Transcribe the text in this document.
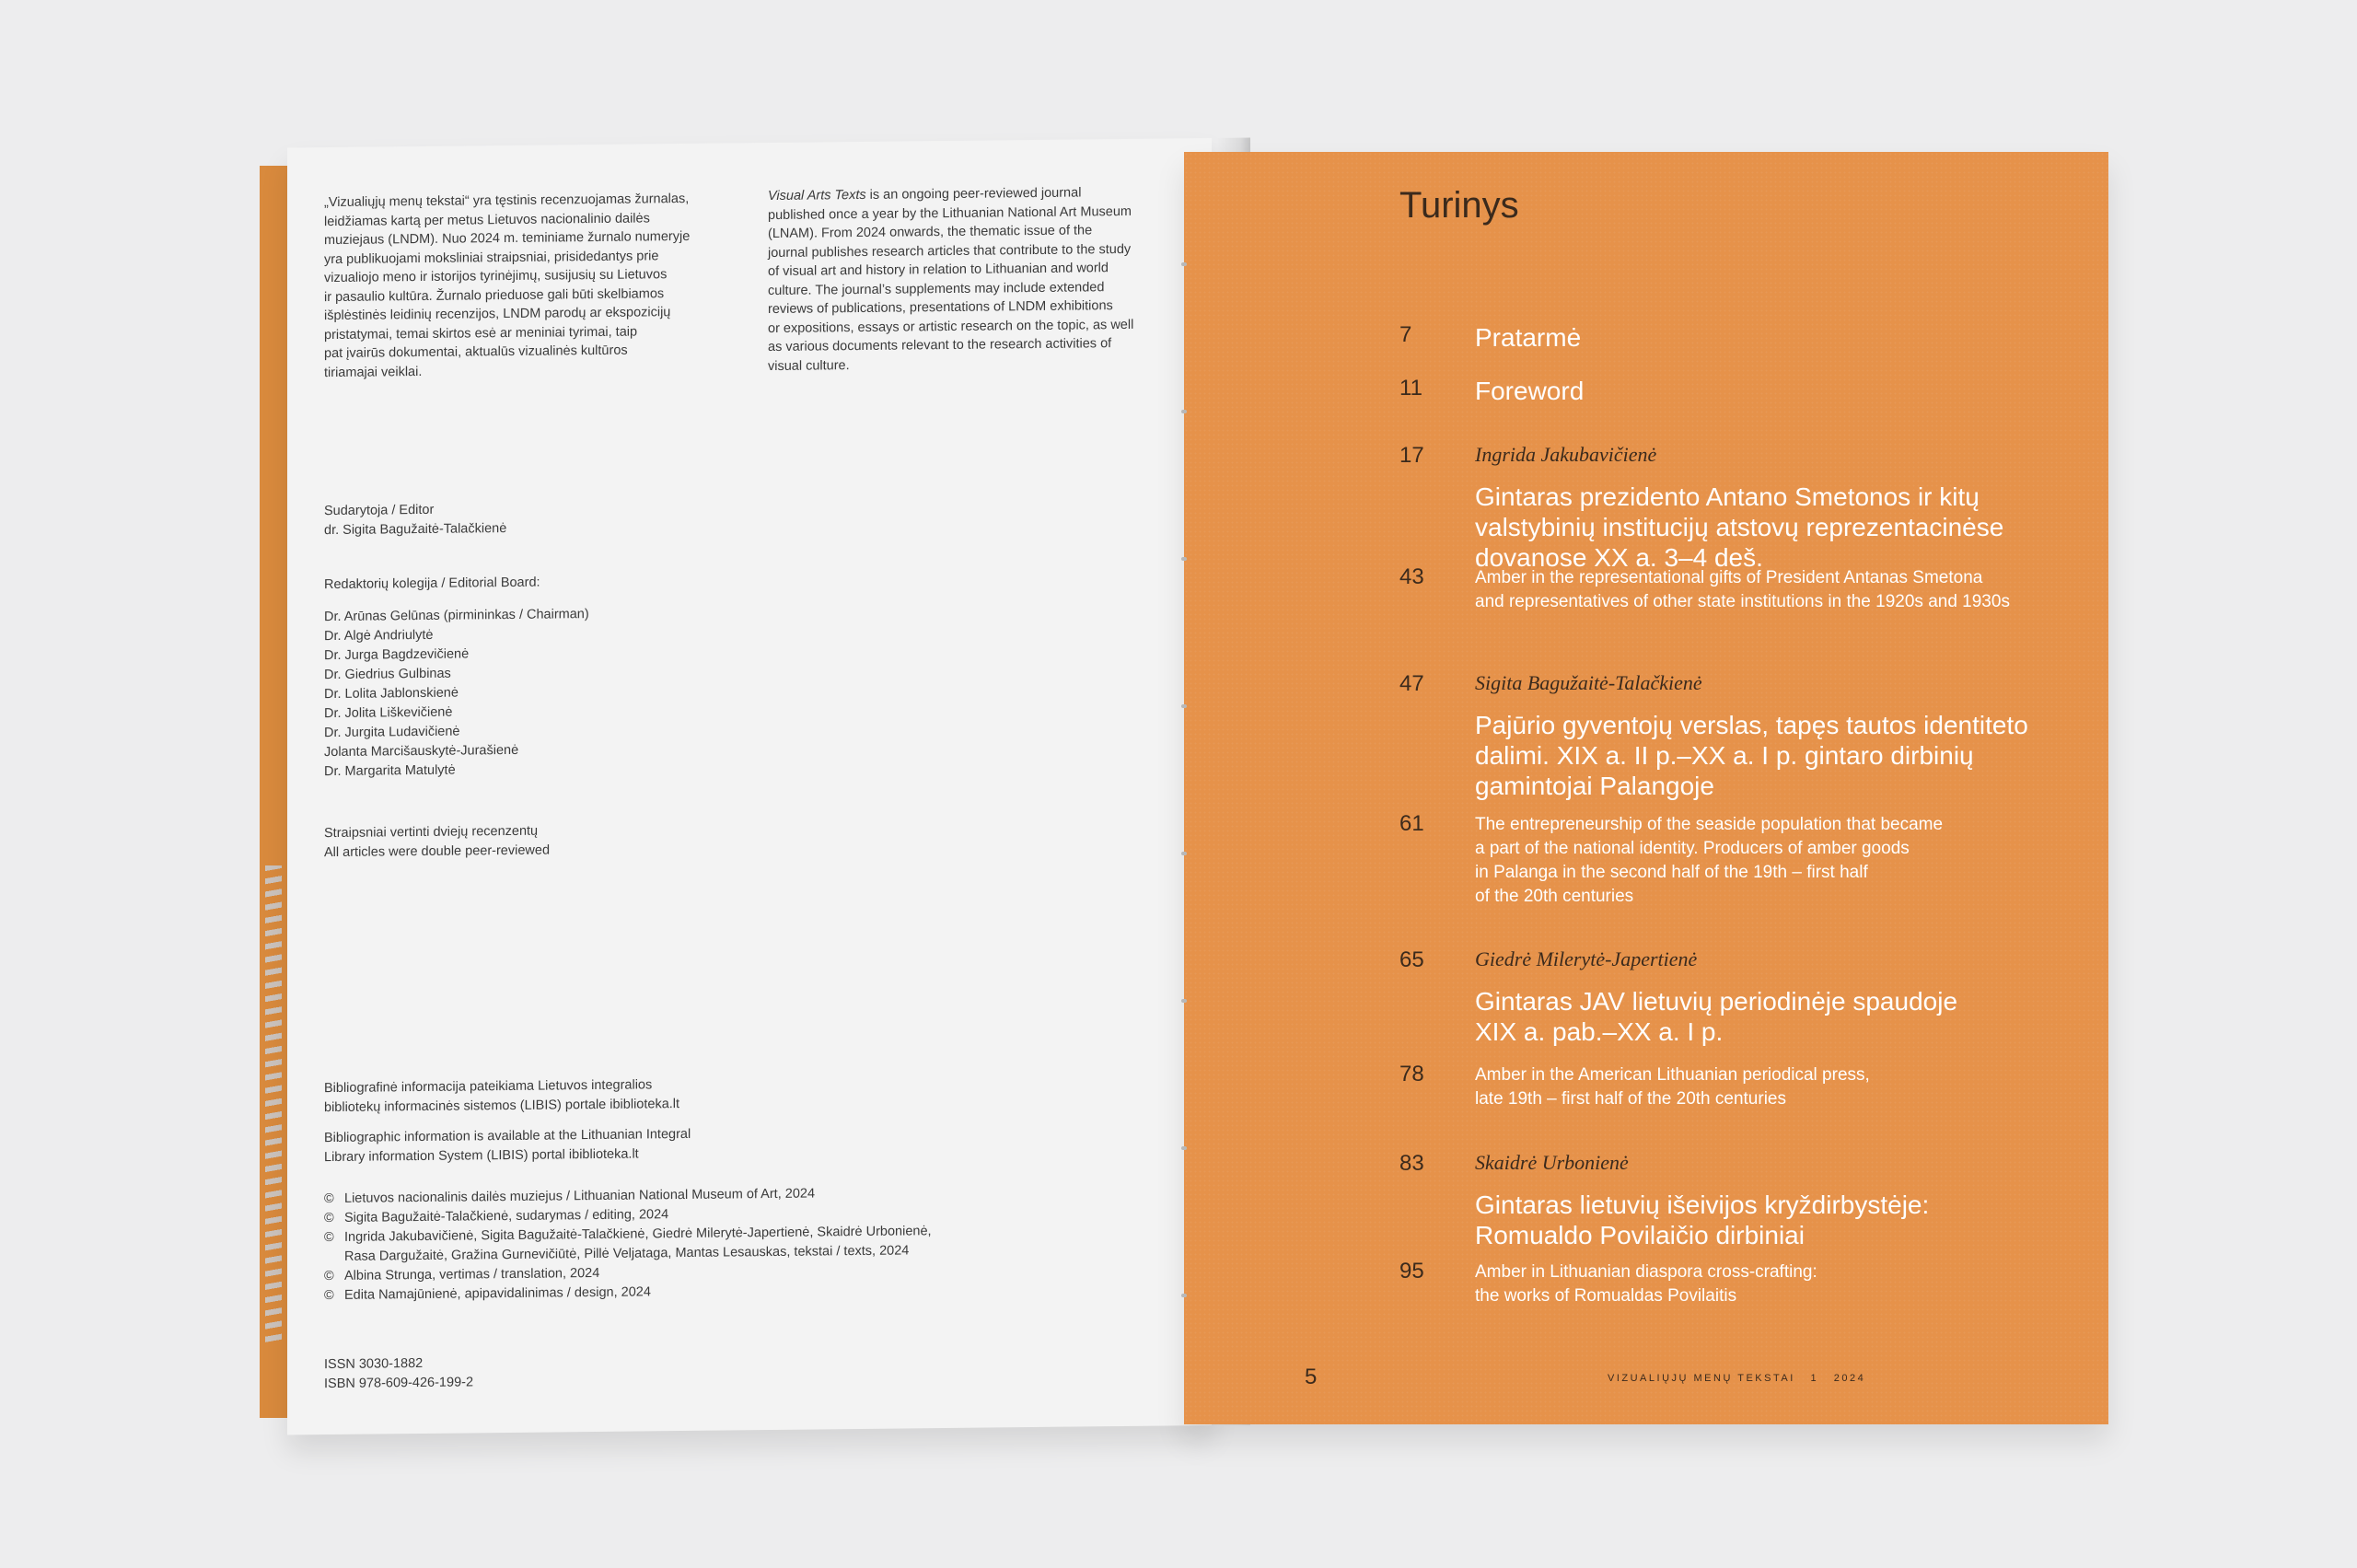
„Vizualiųjų menų tekstai“ yra tęstinis recenzuojamas žurnalas,

leidžiamas kartą per metus Lietuvos nacionalinio dailės

muziejaus (LNDM). Nuo 2024 m. teminiame žurnalo numeryje

yra publikuojami moksliniai straipsniai, prisidedantys prie

vizualiojo meno ir istorijos tyrinėjimų, susijusių su Lietuvos

ir pasaulio kultūra. Žurnalo prieduose gali būti skelbiamos

išplėstinės leidinių recenzijos, LNDM parodų ar ekspozicijų

pristatymai, temai skirtos esė ar meniniai tyrimai, taip

pat įvairūs dokumentai, aktualūs vizualinės kultūros

tiriamajai veiklai.

Visual Arts Texts is an ongoing peer-reviewed journal

published once a year by the Lithuanian National Art Museum

(LNAM). From 2024 onwards, the thematic issue of the

journal publishes research articles that contribute to the study

of visual art and history in relation to Lithuanian and world

culture. The journal’s supplements may include extended

reviews of publications, presentations of LNDM exhibitions

or expositions, essays or artistic research on the topic, as well

as various documents relevant to the research activities of

visual culture.

Sudarytoja / Editor

dr. Sigita Bagužaitė-Talačkienė

Redaktorių kolegija / Editorial Board:

Dr. Arūnas Gelūnas (pirmininkas / Chairman)

Dr. Algė Andriulytė

Dr. Jurga Bagdzevičienė

Dr. Giedrius Gulbinas

Dr. Lolita Jablonskienė

Dr. Jolita Liškevičienė

Dr. Jurgita Ludavičienė

Jolanta Marcišauskytė-Jurašienė

Dr. Margarita Matulytė

Straipsniai vertinti dviejų recenzentų

All articles were double peer-reviewed

Bibliografinė informacija pateikiama Lietuvos integralios

bibliotekų informacinės sistemos (LIBIS) portale ibiblioteka.lt

Bibliographic information is available at the Lithuanian Integral

Library information System (LIBIS) portal ibiblioteka.lt

© Lietuvos nacionalinis dailės muziejus / Lithuanian National Museum of Art, 2024
© Sigita Bagužaitė-Talačkienė, sudarymas / editing, 2024
© Ingrida Jakubavičienė, Sigita Bagužaitė-Talačkienė, Giedrė Milerytė-Japertienė, Skaidrė Urbonienė,
Rasa Dargužaitė, Gražina Gurnevičiūtė, Pillė Veljataga, Mantas Lesauskas, tekstai / texts, 2024
© Albina Strunga, vertimas / translation, 2024
© Edita Namajūnienė, apipavidalinimas / design, 2024

ISSN 3030-1882

ISBN 978-609-426-199-2

Turinys
7 Pratarmė
11 Foreword
17	Ingrida Jakubavičienė
Gintaras prezidento Antano Smetonos ir kitų
valstybinių institucijų atstovų reprezentacinėse
dovanose XX a. 3–4 deš.
43	Amber in the representational gifts of President Antanas Smetona
and representatives of other state institutions in the 1920s and 1930s
47	Sigita Bagužaitė-Talačkienė
Pajūrio gyventojų verslas, tapęs tautos identiteto
dalimi. XIX a. II p.–XX a. I p. gintaro dirbinių
gamintojai Palangoje
61	The entrepreneurship of the seaside population that became
a part of the national identity. Producers of amber goods
in Palanga in the second half of the 19th – first half
of the 20th centuries
65	Giedrė Milerytė-Japertienė
Gintaras JAV lietuvių periodinėje spaudoje
XIX a. pab.–XX a. I p.
78	Amber in the American Lithuanian periodical press,
late 19th – first half of the 20th centuries
83	Skaidrė Urbonienė
Gintaras lietuvių išeivijos kryždirbystėje:
Romualdo Povilaičio dirbiniai
95	Amber in Lithuanian diaspora cross-crafting:
the works of Romualdas Povilaitis
5	VIZUALIŲJŲ MENŲ TEKSTAI   1   2024
